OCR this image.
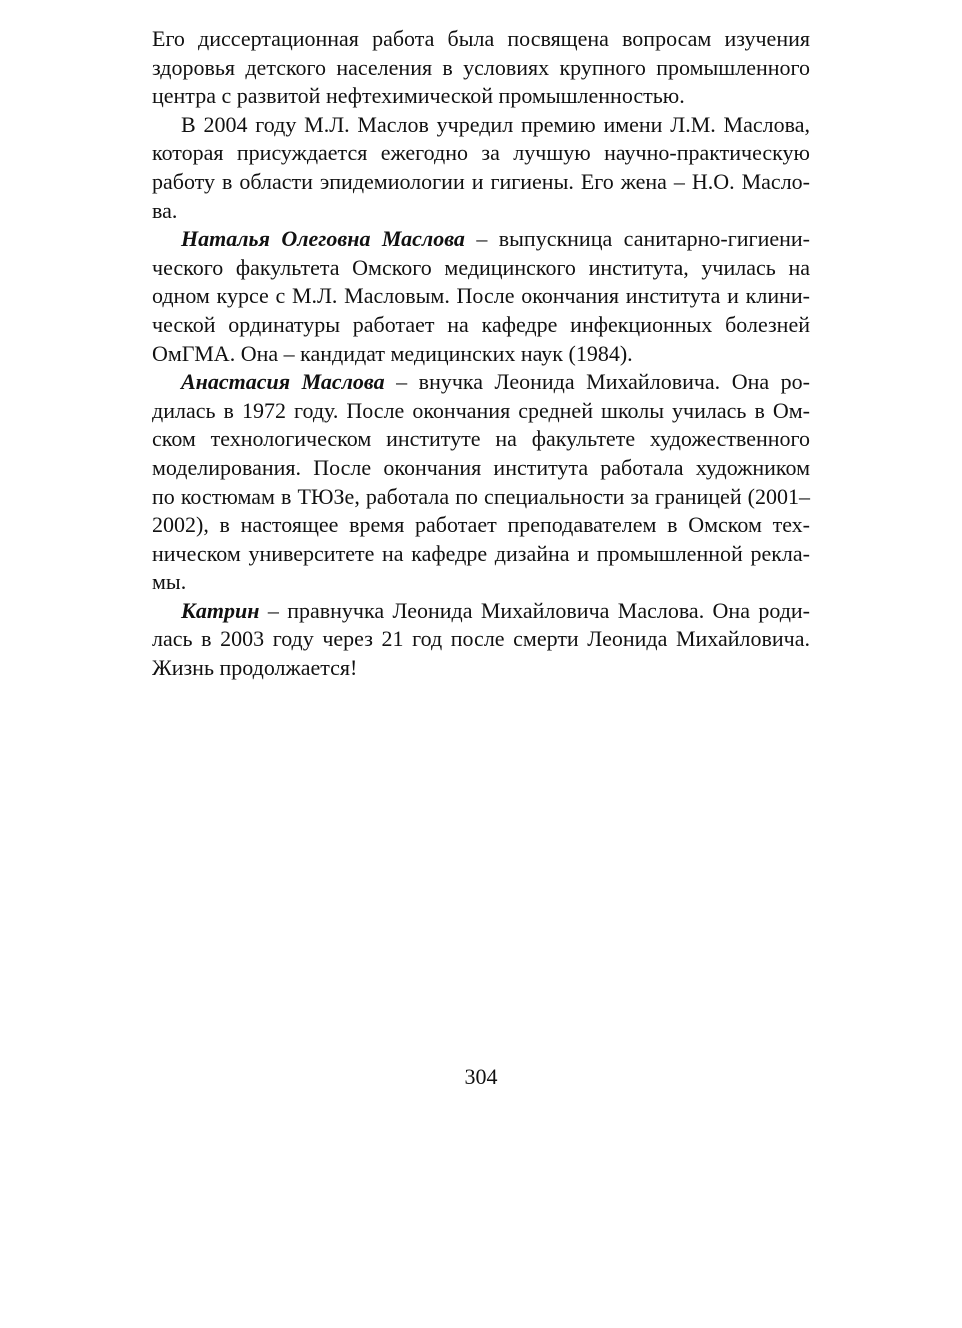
Его диссертационная работа была посвящена вопросам изучения
здоровья детского населения в условиях крупного промышленного
центра с развитой нефтехимической промышленностью.
В 2004 году М.Л. Маслов учредил премию имени Л.М. Маслова,
которая присуждается ежегодно за лучшую научно-практическую
работу в области эпидемиологии и гигиены. Его жена – Н.О. Масло-
ва.
Наталья Олеговна Маслова – выпускница санитарно-гигиени-
ческого факультета Омского медицинского института, училась на
одном курсе с М.Л. Масловым. После окончания института и клини-
ческой ординатуры работает на кафедре инфекционных болезней
ОмГМА. Она – кандидат медицинских наук (1984).
Анастасия Маслова – внучка Леонида Михайловича. Она ро-
дилась в 1972 году. После окончания средней школы училась в Ом-
ском технологическом институте на факультете художественного
моделирования. После окончания института работала художником
по костюмам в ТЮЗе, работала по специальности за границей (2001–
2002), в настоящее время работает преподавателем в Омском тех-
ническом университете на кафедре дизайна и промышленной рекла-
мы.
Катрин – правнучка Леонида Михайловича Маслова. Она роди-
лась в 2003 году через 21 год после смерти Леонида Михайловича.
Жизнь продолжается!
304
